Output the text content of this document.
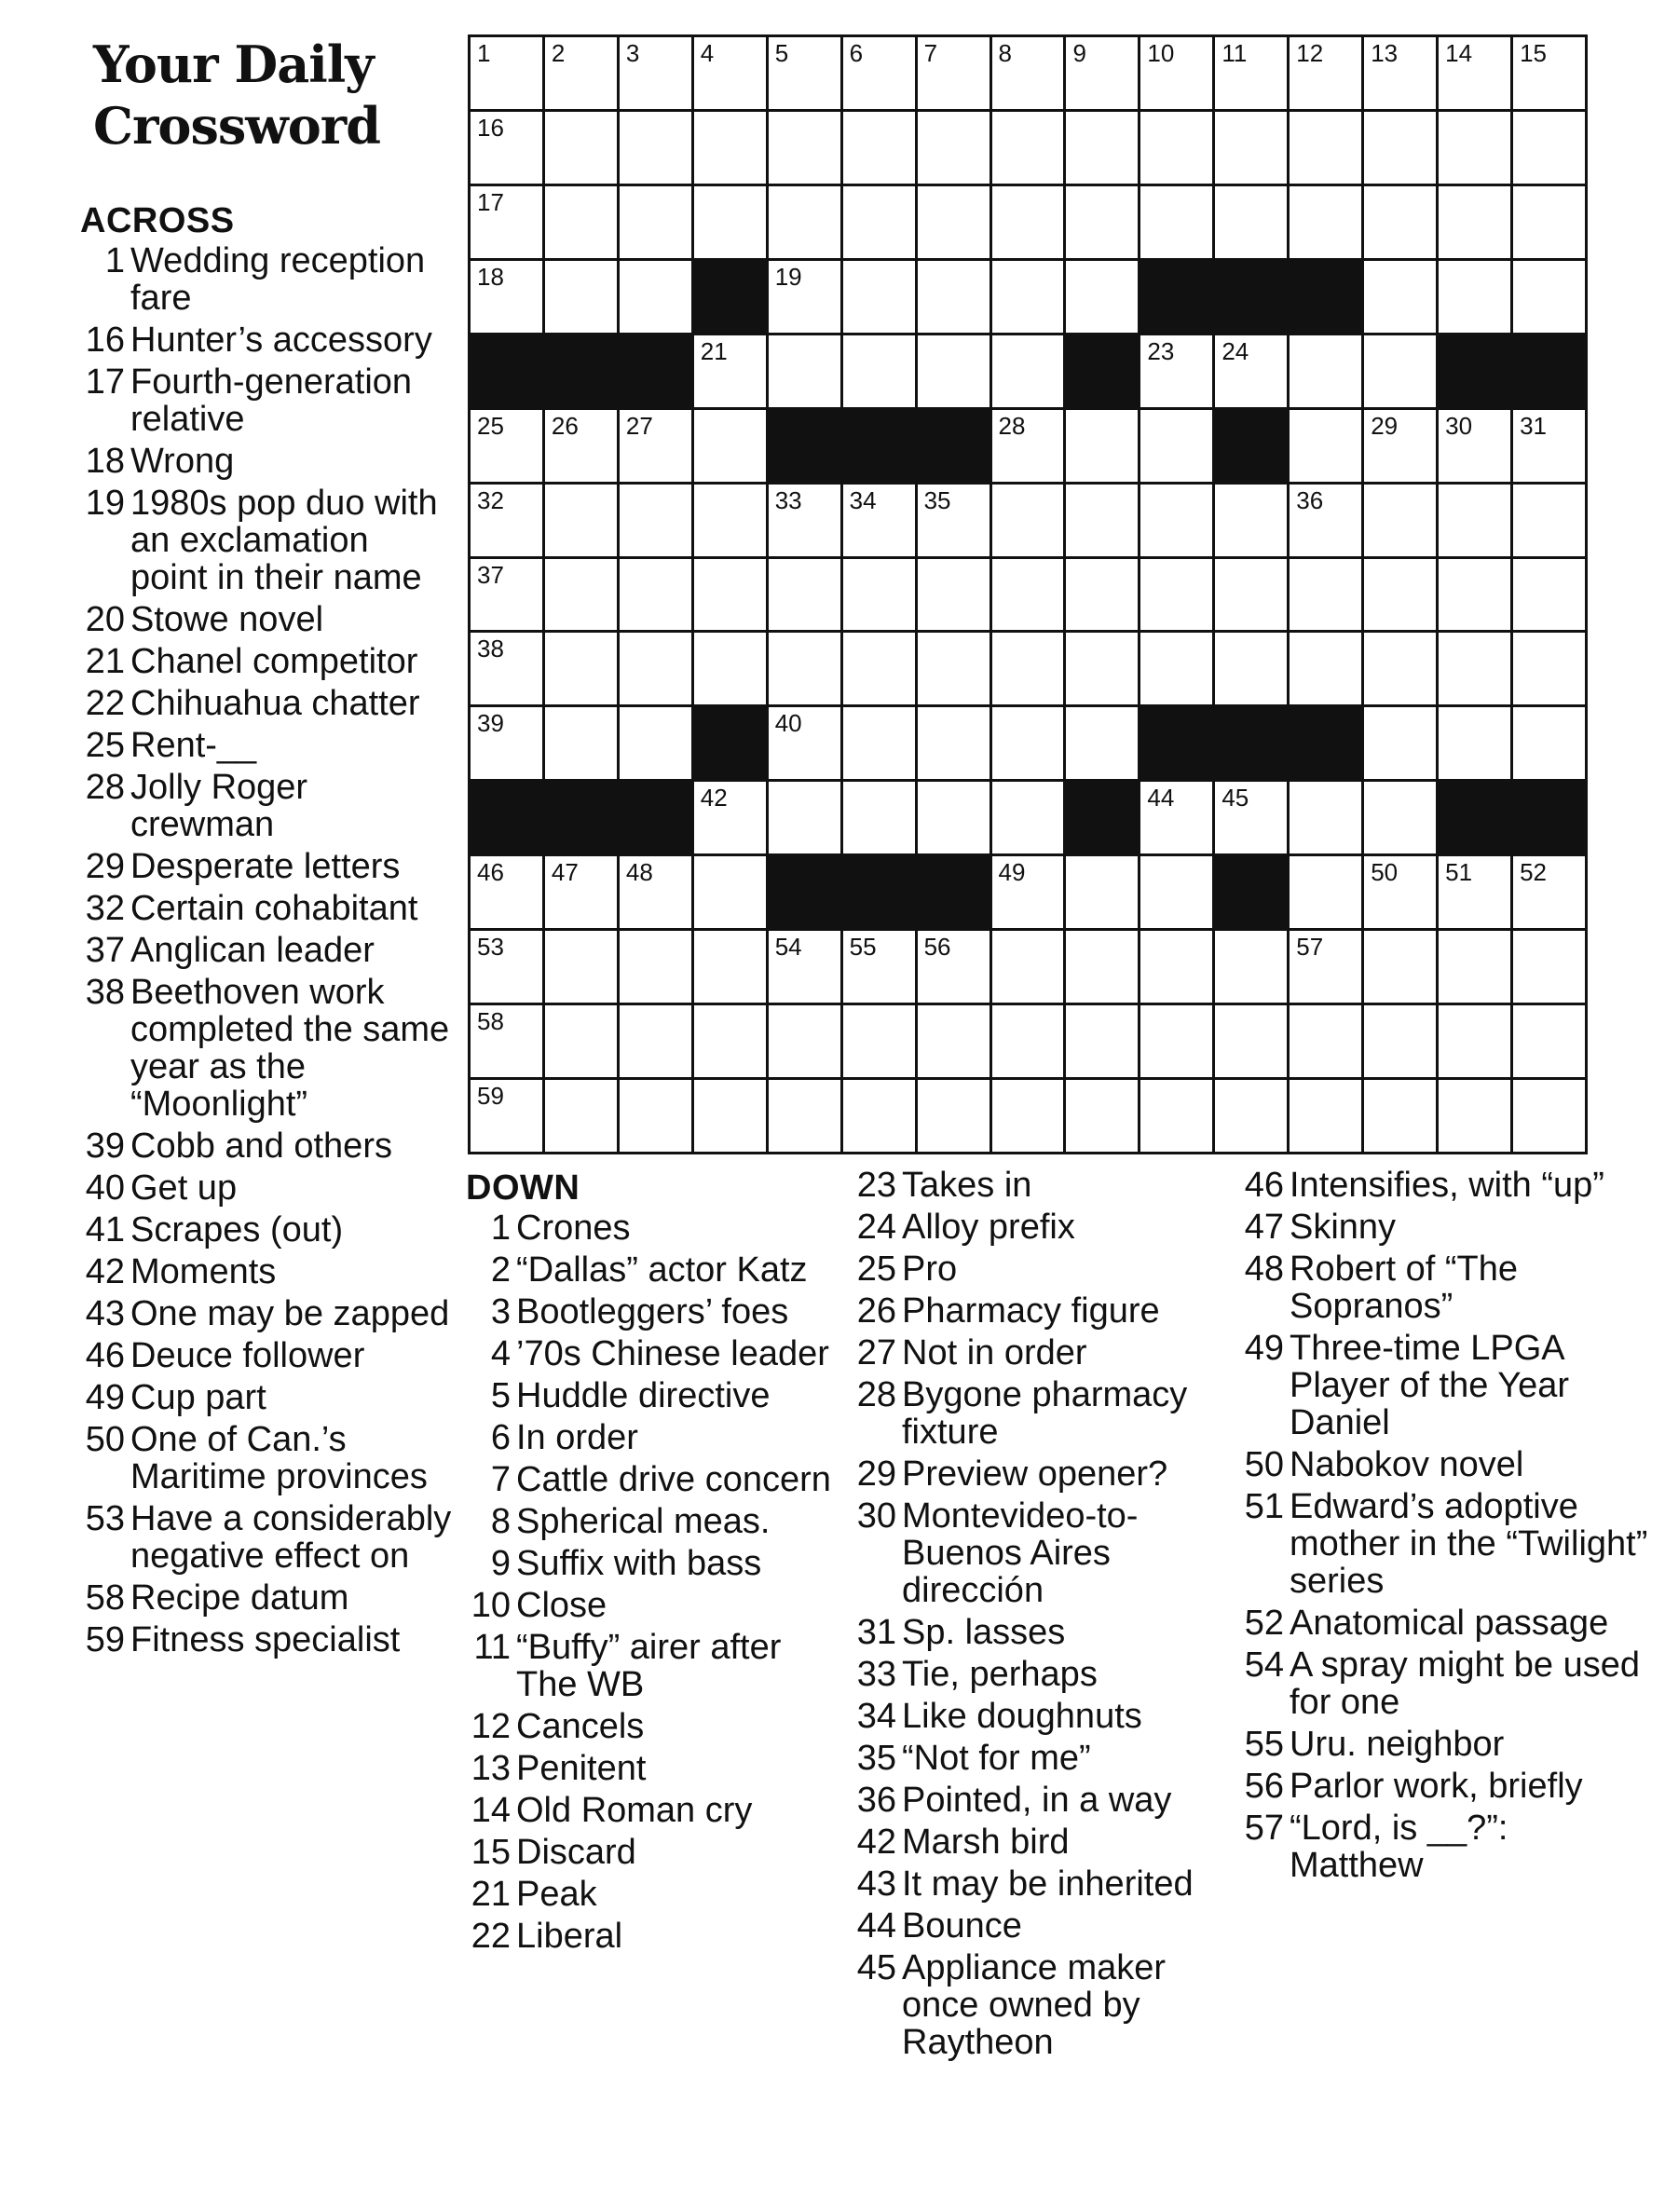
Your Daily
Crossword
ACROSS
1 Wedding reception fare
16 Hunter’s accessory
17 Fourth-generation relative
18 Wrong
19 1980s pop duo with an exclamation point in their name
20 Stowe novel
21 Chanel competitor
22 Chihuahua chatter
25 Rent-__
28 Jolly Roger crewman
29 Desperate letters
32 Certain cohabitant
37 Anglican leader
38 Beethoven work completed the same year as the “Moonlight”
39 Cobb and others
40 Get up
41 Scrapes (out)
42 Moments
43 One may be zapped
46 Deuce follower
49 Cup part
50 One of Can.’s Maritime provinces
53 Have a considerably negative effect on
58 Recipe datum
59 Fitness specialist
1	2	3	4	5	6	7	8	9	10 11 12 13 14 15
16
17
18	19
21	23 24
25 26 27	28	29 30 31
32	33 34 35	36
37
38
39	40
42	44 45
46 47 48	49	50 51 52
53	54 55 56	57
58
59
DOWN
1 Crones
2 “Dallas” actor Katz
3 Bootleggers’ foes
4 ’70s Chinese leader
5 Huddle directive
6 In order
7 Cattle drive concern
8 Spherical meas.
9 Suffix with bass
10 Close
11 “Buffy” airer after The WB
12 Cancels
13 Penitent
14 Old Roman cry
15 Discard
21 Peak
22 Liberal
23 Takes in
24 Alloy prefix
25 Pro
26 Pharmacy figure
27 Not in order
28 Bygone pharmacy fixture
29 Preview opener?
30 Montevideo-to-Buenos Aires dirección
31 Sp. lasses
33 Tie, perhaps
34 Like doughnuts
35 “Not for me”
36 Pointed, in a way
42 Marsh bird
43 It may be inherited
44 Bounce
45 Appliance maker once owned by Raytheon
46 Intensifies, with “up”
47 Skinny
48 Robert of “The Sopranos”
49 Three-time LPGA Player of the Year Daniel
50 Nabokov novel
51 Edward’s adoptive mother in the “Twilight” series
52 Anatomical passage
54 A spray might be used for one
55 Uru. neighbor
56 Parlor work, briefly
57 “Lord, is __?”: Matthew
